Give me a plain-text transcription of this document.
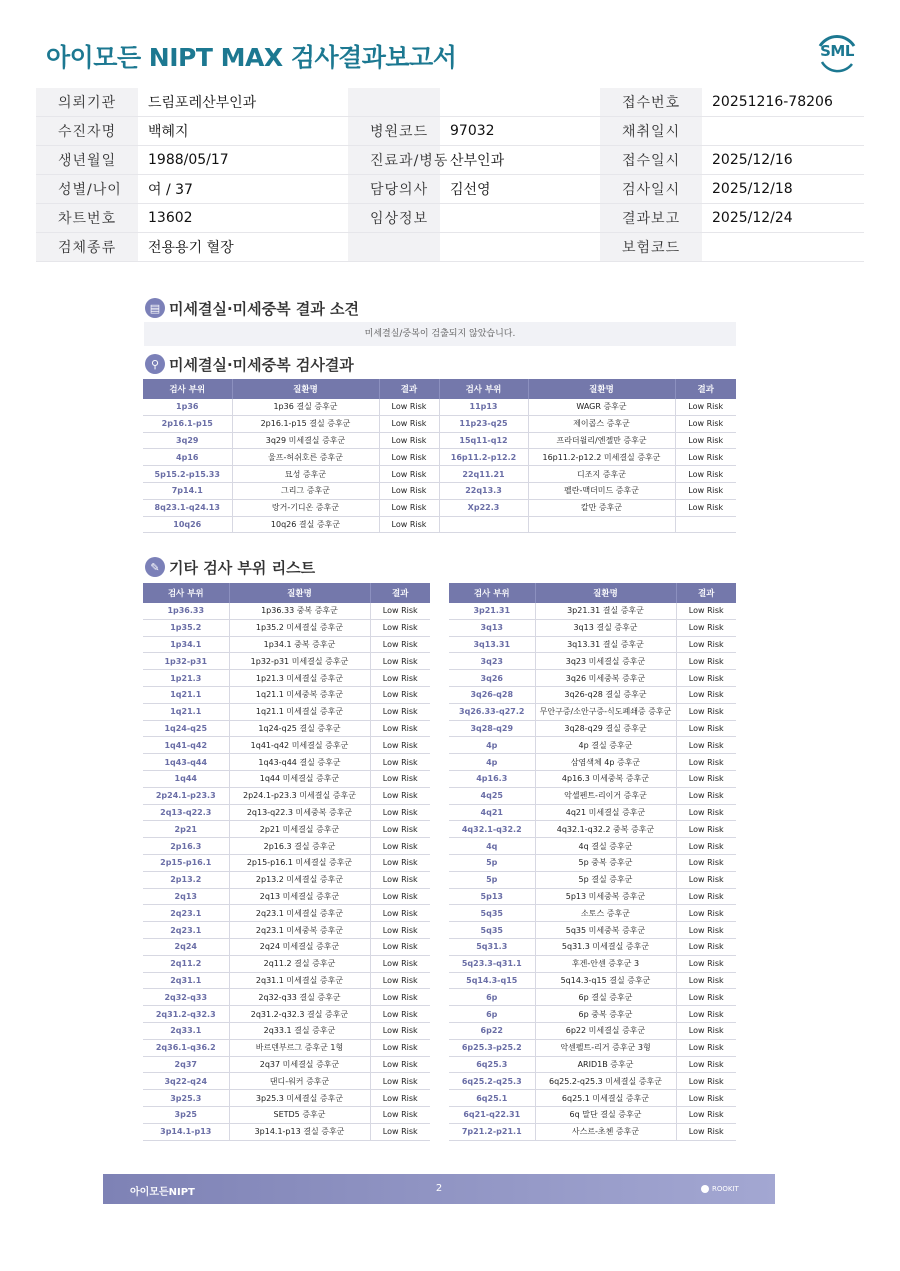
아이모든 NIPT MAX 검사결과보고서	SML
의뢰기관	드림포레산부인과			접수번호	20251216-78206
수진자명	백혜지	병원코드	97032	채취일시	
생년월일	1988/05/17	진료과/병동	산부인과	접수일시	2025/12/16
성별/나이	여 / 37	담당의사	김선영	검사일시	2025/12/18
차트번호	13602	임상정보		결과보고	2025/12/24
검체종류	전용용기 혈장			보험코드	
▤ 미세결실·미세중복 결과 소견
미세결실/중복이 검출되지 않았습니다.
⚲ 미세결실·미세중복 검사결과
검사 부위	질환명	결과	검사 부위	질환명	결과
1p36	1p36 결실 증후군	Low Risk	11p13	WAGR 증후군	Low Risk
2p16.1-p15	2p16.1-p15 결실 증후군	Low Risk	11p23-q25	제이콥스 증후군	Low Risk
3q29	3q29 미세결실 증후군	Low Risk	15q11-q12	프라더윌리/엔젤만 증후군	Low Risk
4p16	울프-허쉬호른 증후군	Low Risk	16p11.2-p12.2	16p11.2-p12.2 미세결실 증후군	Low Risk
5p15.2-p15.33	묘성 증후군	Low Risk	22q11.21	디조지 증후군	Low Risk
7p14.1	그리그 증후군	Low Risk	22q13.3	펠란-맥더미드 증후군	Low Risk
8q23.1-q24.13	랑거-기디온 증후군	Low Risk	Xp22.3	칼만 증후군	Low Risk
10q26	10q26 결실 증후군	Low Risk			
✎ 기타 검사 부위 리스트
검사 부위	질환명	결과
1p36.33	1p36.33 중복 증후군	Low Risk
1p35.2	1p35.2 미세결실 증후군	Low Risk
1p34.1	1p34.1 중복 증후군	Low Risk
1p32-p31	1p32-p31 미세결실 증후군	Low Risk
1p21.3	1p21.3 미세결실 증후군	Low Risk
1q21.1	1q21.1 미세중복 증후군	Low Risk
1q21.1	1q21.1 미세결실 증후군	Low Risk
1q24-q25	1q24-q25 결실 증후군	Low Risk
1q41-q42	1q41-q42 미세결실 증후군	Low Risk
1q43-q44	1q43-q44 결실 증후군	Low Risk
1q44	1q44 미세결실 증후군	Low Risk
2p24.1-p23.3	2p24.1-p23.3 미세결실 증후군	Low Risk
2q13-q22.3	2q13-q22.3 미세중복 증후군	Low Risk
2p21	2p21 미세결실 증후군	Low Risk
2p16.3	2p16.3 결실 증후군	Low Risk
2p15-p16.1	2p15-p16.1 미세결실 증후군	Low Risk
2p13.2	2p13.2 미세결실 증후군	Low Risk
2q13	2q13 미세결실 증후군	Low Risk
2q23.1	2q23.1 미세결실 증후군	Low Risk
2q23.1	2q23.1 미세중복 증후군	Low Risk
2q24	2q24 미세결실 증후군	Low Risk
2q11.2	2q11.2 결실 증후군	Low Risk
2q31.1	2q31.1 미세결실 증후군	Low Risk
2q32-q33	2q32-q33 결실 증후군	Low Risk
2q31.2-q32.3	2q31.2-q32.3 결실 증후군	Low Risk
2q33.1	2q33.1 결실 증후군	Low Risk
2q36.1-q36.2	바르덴부르그 증후군 1형	Low Risk
2q37	2q37 미세결실 증후군	Low Risk
3q22-q24	댄디-워커 증후군	Low Risk
3p25.3	3p25.3 미세결실 증후군	Low Risk
3p25	SETD5 증후군	Low Risk
3p14.1-p13	3p14.1-p13 결실 증후군	Low Risk
검사 부위	질환명	결과
3p21.31	3p21.31 결실 증후군	Low Risk
3q13	3q13 결실 증후군	Low Risk
3q13.31	3q13.31 결실 증후군	Low Risk
3q23	3q23 미세결실 증후군	Low Risk
3q26	3q26 미세중복 증후군	Low Risk
3q26-q28	3q26-q28 결실 증후군	Low Risk
3q26.33-q27.2	무안구증/소안구증-식도폐쇄증 증후군	Low Risk
3q28-q29	3q28-q29 결실 증후군	Low Risk
4p	4p 결실 증후군	Low Risk
4p	삼염색체 4p 증후군	Low Risk
4p16.3	4p16.3 미세중복 증후군	Low Risk
4q25	악셀펜트-리이거 증후군	Low Risk
4q21	4q21 미세결실 증후군	Low Risk
4q32.1-q32.2	4q32.1-q32.2 중복 증후군	Low Risk
4q	4q 결실 증후군	Low Risk
5p	5p 중복 증후군	Low Risk
5p	5p 결실 증후군	Low Risk
5p13	5p13 미세중복 증후군	Low Risk
5q35	소토스 증후군	Low Risk
5q35	5q35 미세중복 증후군	Low Risk
5q31.3	5q31.3 미세결실 증후군	Low Risk
5q23.3-q31.1	후겐-안센 증후군 3	Low Risk
5q14.3-q15	5q14.3-q15 결실 증후군	Low Risk
6p	6p 결실 증후군	Low Risk
6p	6p 중복 증후군	Low Risk
6p22	6p22 미세결실 증후군	Low Risk
6p25.3-p25.2	악센펠트-리거 증후군 3형	Low Risk
6q25.3	ARID1B 증후군	Low Risk
6q25.2-q25.3	6q25.2-q25.3 미세결실 증후군	Low Risk
6q25.1	6q25.1 미세결실 증후군	Low Risk
6q21-q22.31	6q 말단 결실 증후군	Low Risk
7p21.2-p21.1	사스르-초첸 증후군	Low Risk
아이모든NIPT	2	ROOKIT
